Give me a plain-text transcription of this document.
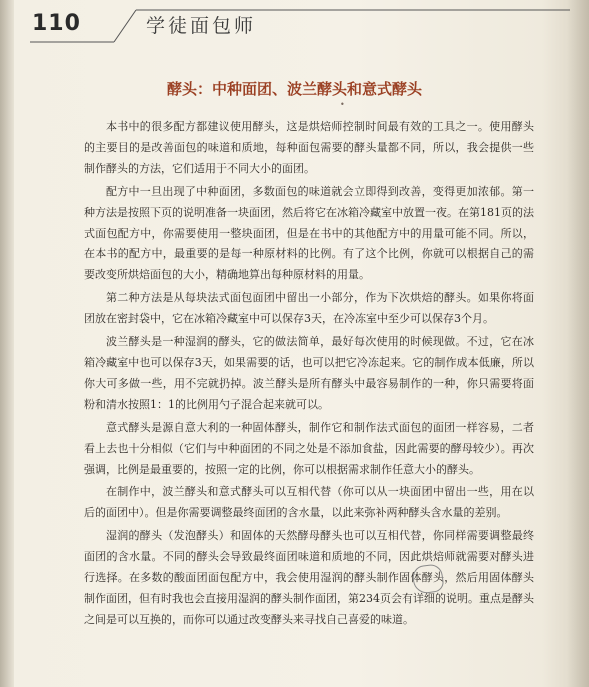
110	学徒面包师
酵头：中种面团、波兰酵头和意式酵头
•

本书中的很多配方都建议使用酵头，这是烘焙师控制时间最有效的工具之一。使用酵头的主要目的是改善面包的味道和质地，每种面包需要的酵头量都不同，所以，我会提供一些制作酵头的方法，它们适用于不同大小的面团。

配方中一旦出现了中种面团，多数面包的味道就会立即得到改善，变得更加浓郁。第一种方法是按照下页的说明准备一块面团，然后将它在冰箱冷藏室中放置一夜。在第181页的法式面包配方中，你需要使用一整块面团，但是在书中的其他配方中的用量可能不同。所以，在本书的配方中，最重要的是每一种原材料的比例。有了这个比例，你就可以根据自己的需要改变所烘焙面包的大小，精确地算出每种原材料的用量。

第二种方法是从每块法式面包面团中留出一小部分，作为下次烘焙的酵头。如果你将面团放在密封袋中，它在冰箱冷藏室中可以保存3天，在冷冻室中至少可以保存3个月。

波兰酵头是一种湿润的酵头，它的做法简单，最好每次使用的时候现做。不过，它在冰箱冷藏室中也可以保存3天，如果需要的话，也可以把它冷冻起来。它的制作成本低廉，所以你大可多做一些，用不完就扔掉。波兰酵头是所有酵头中最容易制作的一种，你只需要将面粉和清水按照1：1的比例用勺子混合起来就可以。

意式酵头是源自意大利的一种固体酵头，制作它和制作法式面包的面团一样容易，二者看上去也十分相似（它们与中种面团的不同之处是不添加食盐，因此需要的酵母较少）。再次强调，比例是最重要的，按照一定的比例，你可以根据需求制作任意大小的酵头。

在制作中，波兰酵头和意式酵头可以互相代替（你可以从一块面团中留出一些，用在以后的面团中）。但是你需要调整最终面团的含水量，以此来弥补两种酵头含水量的差别。

湿润的酵头（发泡酵头）和固体的天然酵母酵头也可以互相代替，你同样需要调整最终面团的含水量。不同的酵头会导致最终面团味道和质地的不同，因此烘焙师就需要对酵头进行选择。在多数的酸面团面包配方中，我会使用湿润的酵头制作固体酵头，然后用固体酵头制作面团，但有时我也会直接用湿润的酵头制作面团，第234页会有详细的说明。重点是酵头之间是可以互换的，而你可以通过改变酵头来寻找自己喜爱的味道。
